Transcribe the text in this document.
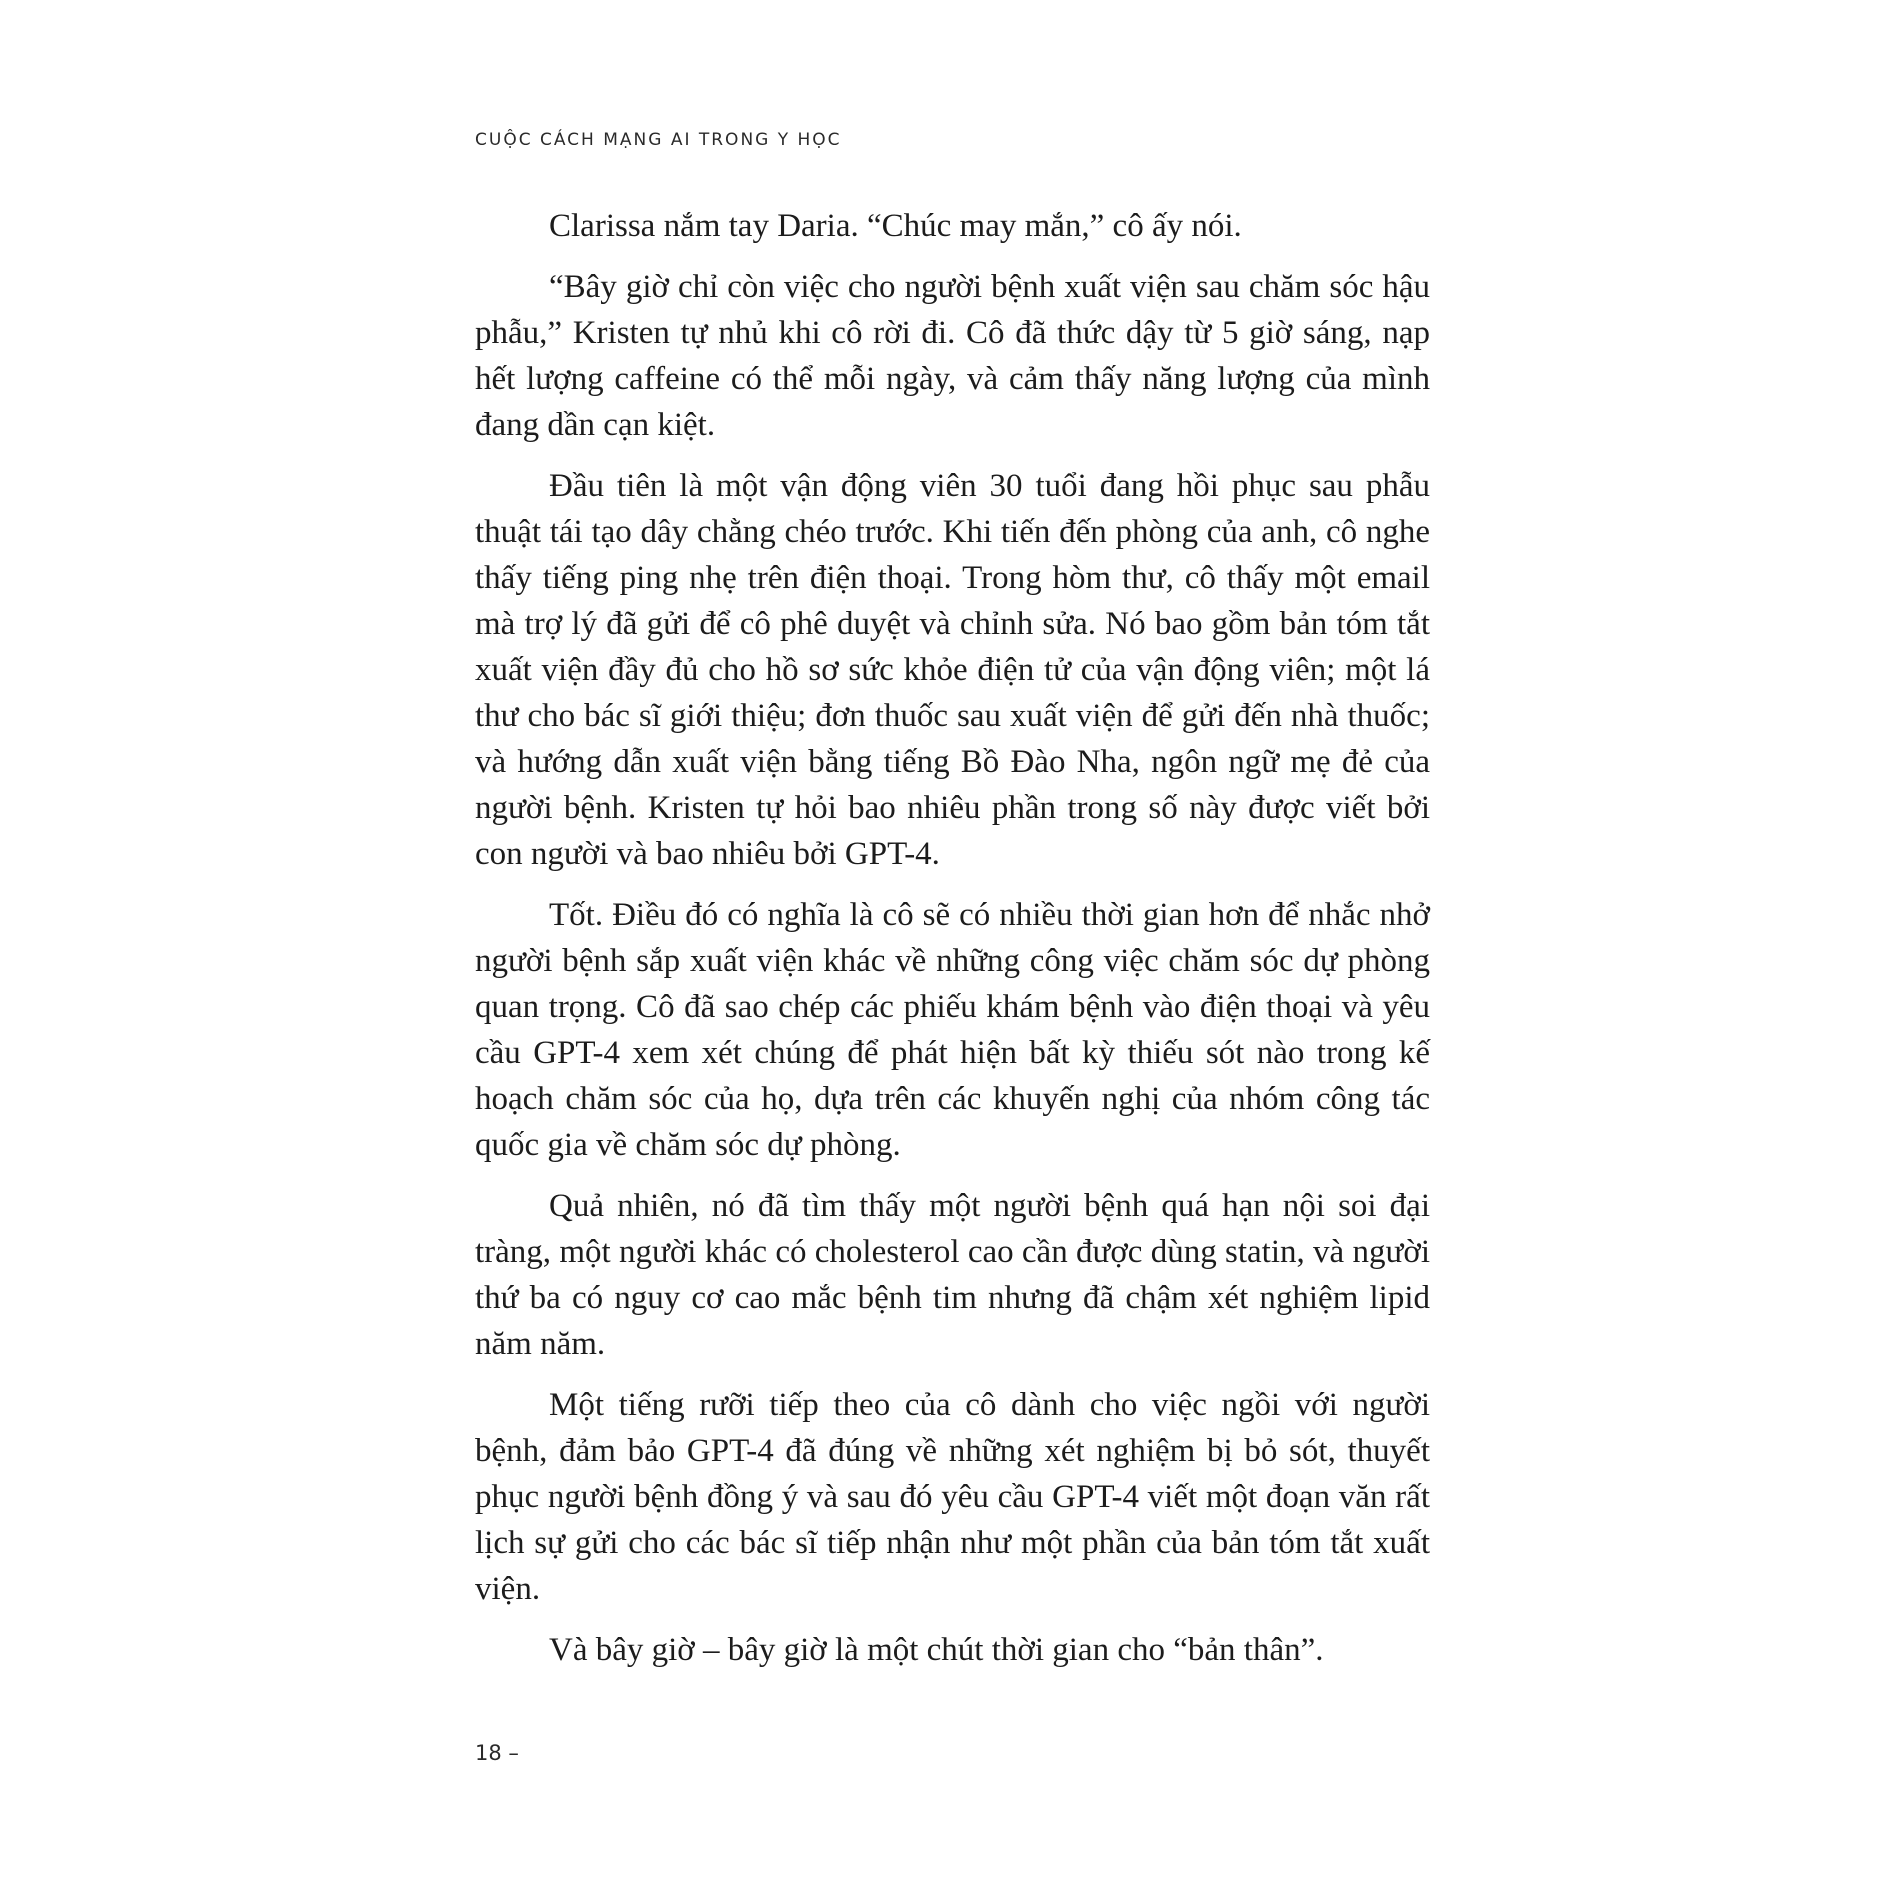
CUỘC CÁCH MẠNG AI TRONG Y HỌC

Clarissa nắm tay Daria. “Chúc may mắn,” cô ấy nói.

“Bây giờ chỉ còn việc cho người bệnh xuất viện sau chăm sóc hậu phẫu,” Kristen tự nhủ khi cô rời đi. Cô đã thức dậy từ 5 giờ sáng, nạp hết lượng caffeine có thể mỗi ngày, và cảm thấy năng lượng của mình đang dần cạn kiệt.

Đầu tiên là một vận động viên 30 tuổi đang hồi phục sau phẫu thuật tái tạo dây chằng chéo trước. Khi tiến đến phòng của anh, cô nghe thấy tiếng ping nhẹ trên điện thoại. Trong hòm thư, cô thấy một email mà trợ lý đã gửi để cô phê duyệt và chỉnh sửa. Nó bao gồm bản tóm tắt xuất viện đầy đủ cho hồ sơ sức khỏe điện tử của vận động viên; một lá thư cho bác sĩ giới thiệu; đơn thuốc sau xuất viện để gửi đến nhà thuốc; và hướng dẫn xuất viện bằng tiếng Bồ Đào Nha, ngôn ngữ mẹ đẻ của người bệnh. Kristen tự hỏi bao nhiêu phần trong số này được viết bởi con người và bao nhiêu bởi GPT-4.

Tốt. Điều đó có nghĩa là cô sẽ có nhiều thời gian hơn để nhắc nhở người bệnh sắp xuất viện khác về những công việc chăm sóc dự phòng quan trọng. Cô đã sao chép các phiếu khám bệnh vào điện thoại và yêu cầu GPT-4 xem xét chúng để phát hiện bất kỳ thiếu sót nào trong kế hoạch chăm sóc của họ, dựa trên các khuyến nghị của nhóm công tác quốc gia về chăm sóc dự phòng.

Quả nhiên, nó đã tìm thấy một người bệnh quá hạn nội soi đại tràng, một người khác có cholesterol cao cần được dùng statin, và người thứ ba có nguy cơ cao mắc bệnh tim nhưng đã chậm xét nghiệm lipid năm năm.

Một tiếng rưỡi tiếp theo của cô dành cho việc ngồi với người bệnh, đảm bảo GPT-4 đã đúng về những xét nghiệm bị bỏ sót, thuyết phục người bệnh đồng ý và sau đó yêu cầu GPT-4 viết một đoạn văn rất lịch sự gửi cho các bác sĩ tiếp nhận như một phần của bản tóm tắt xuất viện.

Và bây giờ – bây giờ là một chút thời gian cho “bản thân”.

18 –
